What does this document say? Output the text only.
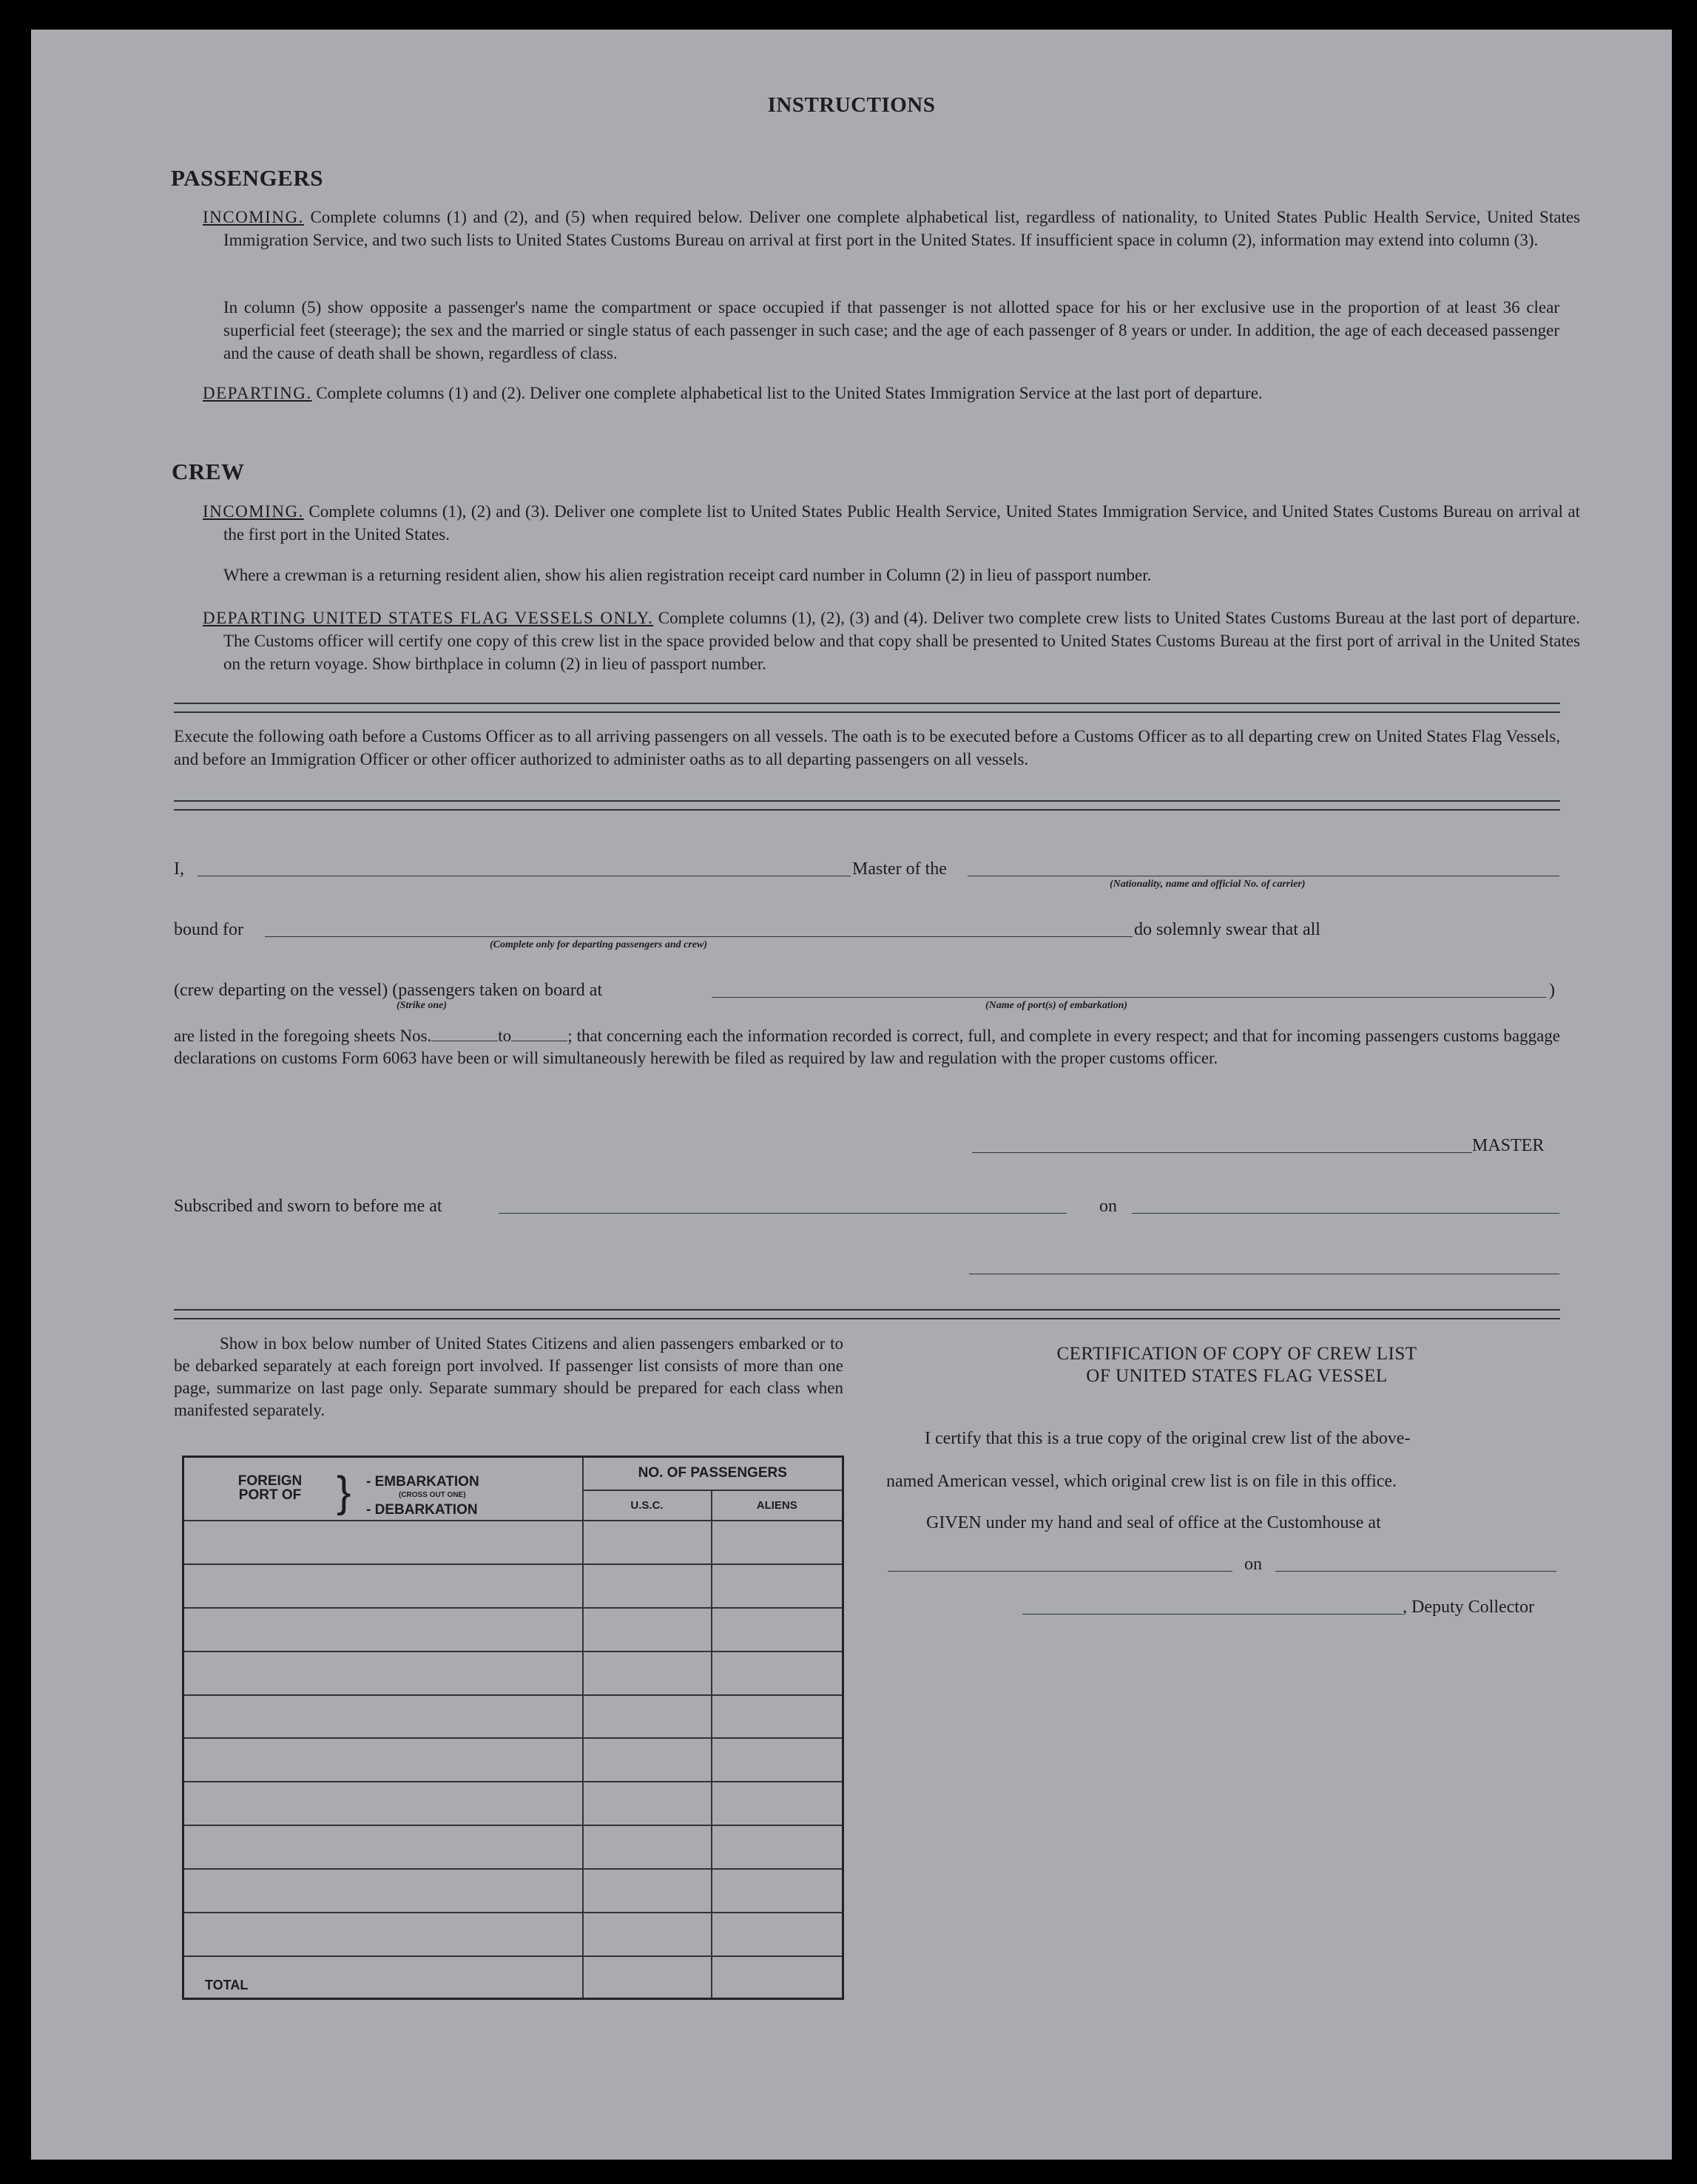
INSTRUCTIONS
PASSENGERS
INCOMING. Complete columns (1) and (2), and (5) when required below. Deliver one complete alphabetical list, regardless of nationality, to United States Public Health Service, United States Immigration Service, and two such lists to United States Customs Bureau on arrival at first port in the United States. If insufficient space in column (2), information may extend into column (3).
In column (5) show opposite a passenger's name the compartment or space occupied if that passenger is not allotted space for his or her exclusive use in the proportion of at least 36 clear superficial feet (steerage); the sex and the married or single status of each passenger in such case; and the age of each passenger of 8 years or under. In addition, the age of each deceased passenger and the cause of death shall be shown, regardless of class.
DEPARTING. Complete columns (1) and (2). Deliver one complete alphabetical list to the United States Immigration Service at the last port of departure.
CREW
INCOMING. Complete columns (1), (2) and (3). Deliver one complete list to United States Public Health Service, United States Immigration Service, and United States Customs Bureau on arrival at the first port in the United States.
Where a crewman is a returning resident alien, show his alien registration receipt card number in Column (2) in lieu of passport number.
DEPARTING UNITED STATES FLAG VESSELS ONLY. Complete columns (1), (2), (3) and (4). Deliver two complete crew lists to United States Customs Bureau at the last port of departure. The Customs officer will certify one copy of this crew list in the space provided below and that copy shall be presented to United States Customs Bureau at the first port of arrival in the United States on the return voyage. Show birthplace in column (2) in lieu of passport number.
Execute the following oath before a Customs Officer as to all arriving passengers on all vessels. The oath is to be executed before a Customs Officer as to all departing crew on United States Flag Vessels, and before an Immigration Officer or other officer authorized to administer oaths as to all departing passengers on all vessels.
I,	Master of the
(Nationality, name and official No. of carrier)
bound for
(Complete only for departing passengers and crew)
do solemnly swear that all
(crew departing on the vessel) (passengers taken on board at	)
(Strike one)	(Name of port(s) of embarkation)
are listed in the foregoing sheets Nos.	to	; that concerning each the information recorded is correct, full, and complete in every respect; and that for incoming passengers customs baggage declarations on customs Form 6063 have been or will simultaneously herewith be filed as required by law and regulation with the proper customs officer.
MASTER
Subscribed and sworn to before me at	on
Show in box below number of United States Citizens and alien passengers embarked or to be debarked separately at each foreign port involved. If passenger list consists of more than one page, summarize on last page only. Separate summary should be prepared for each class when manifested separately.
FOREIGN PORT OF } - EMBARKATION
(CROSS OUT ONE)
- DEBARKATION	NO. OF PASSENGERS	
	U.S.C.	ALIENS

TOTAL		
CERTIFICATION OF COPY OF CREW LIST
OF UNITED STATES FLAG VESSEL
I certify that this is a true copy of the original crew list of the above-
named American vessel, which original crew list is on file in this office.
GIVEN under my hand and seal of office at the Customhouse at
on
, Deputy Collector
